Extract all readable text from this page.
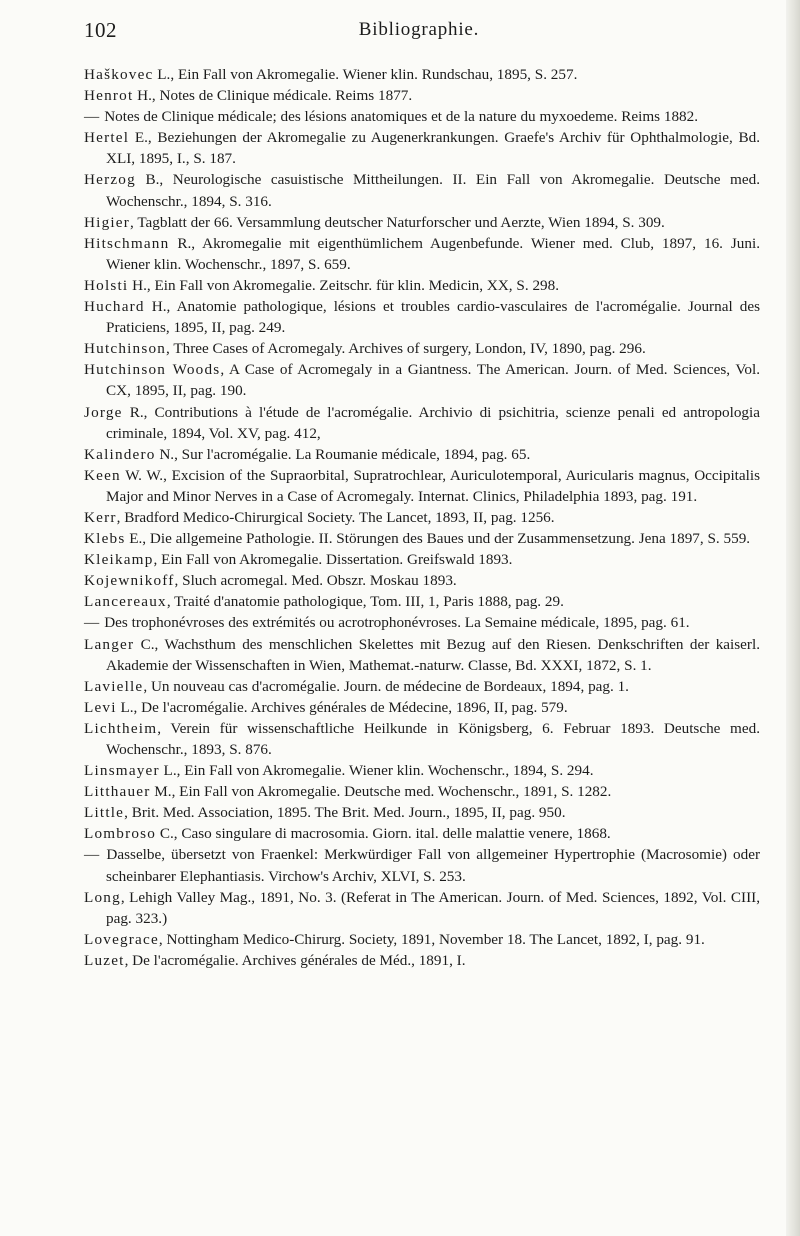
102	Bibliographie.
Haškovec L., Ein Fall von Akromegalie. Wiener klin. Rundschau, 1895, S. 257.
Henrot H., Notes de Clinique médicale. Reims 1877.
— Notes de Clinique médicale; des lésions anatomiques et de la nature du myxoedeme. Reims 1882.
Hertel E., Beziehungen der Akromegalie zu Augenerkrankungen. Graefe's Archiv für Ophthalmologie, Bd. XLI, 1895, I., S. 187.
Herzog B., Neurologische casuistische Mittheilungen. II. Ein Fall von Akromegalie. Deutsche med. Wochenschr., 1894, S. 316.
Higier, Tagblatt der 66. Versammlung deutscher Naturforscher und Aerzte, Wien 1894, S. 309.
Hitschmann R., Akromegalie mit eigenthümlichem Augenbefunde. Wiener med. Club, 1897, 16. Juni. Wiener klin. Wochenschr., 1897, S. 659.
Holsti H., Ein Fall von Akromegalie. Zeitschr. für klin. Medicin, XX, S. 298.
Huchard H., Anatomie pathologique, lésions et troubles cardio-vasculaires de l'acromégalie. Journal des Praticiens, 1895, II, pag. 249.
Hutchinson, Three Cases of Acromegaly. Archives of surgery, London, IV, 1890, pag. 296.
Hutchinson Woods, A Case of Acromegaly in a Giantness. The American. Journ. of Med. Sciences, Vol. CX, 1895, II, pag. 190.
Jorge R., Contributions à l'étude de l'acromégalie. Archivio di psichitria, scienze penali ed antropologia criminale, 1894, Vol. XV, pag. 412,
Kalindero N., Sur l'acromégalie. La Roumanie médicale, 1894, pag. 65.
Keen W. W., Excision of the Supraorbital, Supratrochlear, Auriculotemporal, Auricularis magnus, Occipitalis Major and Minor Nerves in a Case of Acromegaly. Internat. Clinics, Philadelphia 1893, pag. 191.
Kerr, Bradford Medico-Chirurgical Society. The Lancet, 1893, II, pag. 1256.
Klebs E., Die allgemeine Pathologie. II. Störungen des Baues und der Zusammensetzung. Jena 1897, S. 559.
Kleikamp, Ein Fall von Akromegalie. Dissertation. Greifswald 1893.
Kojewnikoff, Sluch acromegal. Med. Obszr. Moskau 1893.
Lancereaux, Traité d'anatomie pathologique, Tom. III, 1, Paris 1888, pag. 29.
— Des trophonévroses des extrémités ou acrotrophonévroses. La Semaine médicale, 1895, pag. 61.
Langer C., Wachsthum des menschlichen Skelettes mit Bezug auf den Riesen. Denkschriften der kaiserl. Akademie der Wissenschaften in Wien, Mathemat.-naturw. Classe, Bd. XXXI, 1872, S. 1.
Lavielle, Un nouveau cas d'acromégalie. Journ. de médecine de Bordeaux, 1894, pag. 1.
Levi L., De l'acromégalie. Archives générales de Médecine, 1896, II, pag. 579.
Lichtheim, Verein für wissenschaftliche Heilkunde in Königsberg, 6. Februar 1893. Deutsche med. Wochenschr., 1893, S. 876.
Linsmayer L., Ein Fall von Akromegalie. Wiener klin. Wochenschr., 1894, S. 294.
Litthauer M., Ein Fall von Akromegalie. Deutsche med. Wochenschr., 1891, S. 1282.
Little, Brit. Med. Association, 1895. The Brit. Med. Journ., 1895, II, pag. 950.
Lombroso C., Caso singulare di macrosomia. Giorn. ital. delle malattie venere, 1868.
— Dasselbe, übersetzt von Fraenkel: Merkwürdiger Fall von allgemeiner Hypertrophie (Macrosomie) oder scheinbarer Elephantiasis. Virchow's Archiv, XLVI, S. 253.
Long, Lehigh Valley Mag., 1891, No. 3. (Referat in The American. Journ. of Med. Sciences, 1892, Vol. CIII, pag. 323.)
Lovegrace, Nottingham Medico-Chirurg. Society, 1891, November 18. The Lancet, 1892, I, pag. 91.
Luzet, De l'acromégalie. Archives générales de Méd., 1891, I.
